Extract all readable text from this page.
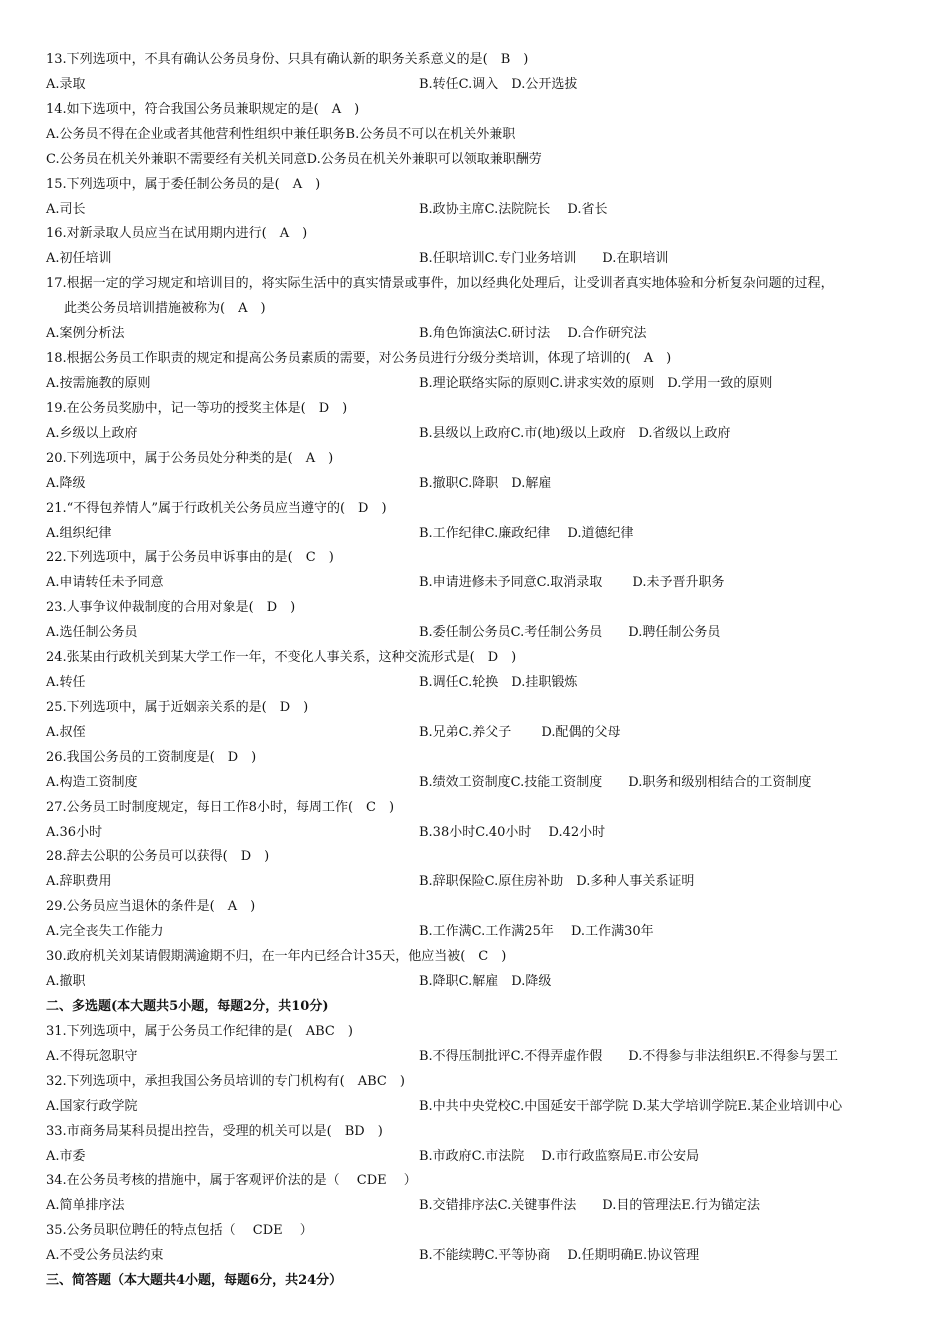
13.下列选项中，不具有确认公务员身份、只具有确认新的职务关系意义的是(　B　)
A.录取	B.转任C.调入　D.公开选拔
14.如下选项中，符合我国公务员兼职规定的是(　A　)
A.公务员不得在企业或者其他营利性组织中兼任职务B.公务员不可以在机关外兼职
C.公务员在机关外兼职不需要经有关机关同意D.公务员在机关外兼职可以领取兼职酬劳
15.下列选项中，属于委任制公务员的是(　A　)
A.司长	B.政协主席C.法院院长　 D.省长
16.对新录取人员应当在试用期内进行(　A　)
A.初任培训	B.任职培训C.专门业务培训　　D.在职培训
17.根据一定的学习规定和培训目的，将实际生活中的真实情景或事件，加以经典化处理后，让受训者真实地体验和分析复杂问题的过程，
此类公务员培训措施被称为(　A　)
A.案例分析法	B.角色饰演法C.研讨法　 D.合作研究法
18.根据公务员工作职责的规定和提高公务员素质的需要，对公务员进行分级分类培训，体现了培训的(　A　)
A.按需施教的原则	B.理论联络实际的原则C.讲求实效的原则　D.学用一致的原则
19.在公务员奖励中，记一等功的授奖主体是(　D　)
A.乡级以上政府	B.县级以上政府C.市(地)级以上政府　D.省级以上政府
20.下列选项中，属于公务员处分种类的是(　A　)
A.降级	B.撤职C.降职　D.解雇
21.“不得包养情人”属于行政机关公务员应当遵守的(　D　)
A.组织纪律	B.工作纪律C.廉政纪律　 D.道德纪律
22.下列选项中，属于公务员申诉事由的是(　C　)
A.申请转任未予同意	B.申请进修未予同意C.取消录取　　 D.未予晋升职务
23.人事争议仲裁制度的合用对象是(　D　)
A.选任制公务员	B.委任制公务员C.考任制公务员　　D.聘任制公务员
24.张某由行政机关到某大学工作一年，不变化人事关系，这种交流形式是(　D　)
A.转任	B.调任C.轮换　D.挂职锻炼
25.下列选项中，属于近姻亲关系的是(　D　)
A.叔侄	B.兄弟C.养父子　　 D.配偶的父母
26.我国公务员的工资制度是(　D　)
A.构造工资制度	B.绩效工资制度C.技能工资制度　　D.职务和级别相结合的工资制度
27.公务员工时制度规定，每日工作8小时，每周工作(　C　)
A.36小时	B.38小时C.40小时　 D.42小时
28.辞去公职的公务员可以获得(　D　)
A.辞职费用	B.辞职保险C.原住房补助　D.多种人事关系证明
29.公务员应当退休的条件是(　A　)
A.完全丧失工作能力	B.工作满C.工作满25年　 D.工作满30年
30.政府机关刘某请假期满逾期不归，在一年内已经合计35天，他应当被(　C　)
A.撤职	B.降职C.解雇　D.降级
二、多选题(本大题共5小题，每题2分，共10分)
31.下列选项中，属于公务员工作纪律的是(　ABC　)
A.不得玩忽职守	B.不得压制批评C.不得弄虚作假　　D.不得参与非法组织E.不得参与罢工
32.下列选项中，承担我国公务员培训的专门机构有(　ABC　)
A.国家行政学院	B.中共中央党校C.中国延安干部学院 D.某大学培训学院E.某企业培训中心
33.市商务局某科员提出控告，受理的机关可以是(　BD　)
A.市委	B.市政府C.市法院　 D.市行政监察局E.市公安局
34.在公务员考核的措施中，属于客观评价法的是（　 CDE　 ）
A.简单排序法	B.交错排序法C.关键事件法　　D.目的管理法E.行为锚定法
35.公务员职位聘任的特点包括（　 CDE　 ）
A.不受公务员法约束	B.不能续聘C.平等协商　 D.任期明确E.协议管理
三、简答题（本大题共4小题，每题6分，共24分）
